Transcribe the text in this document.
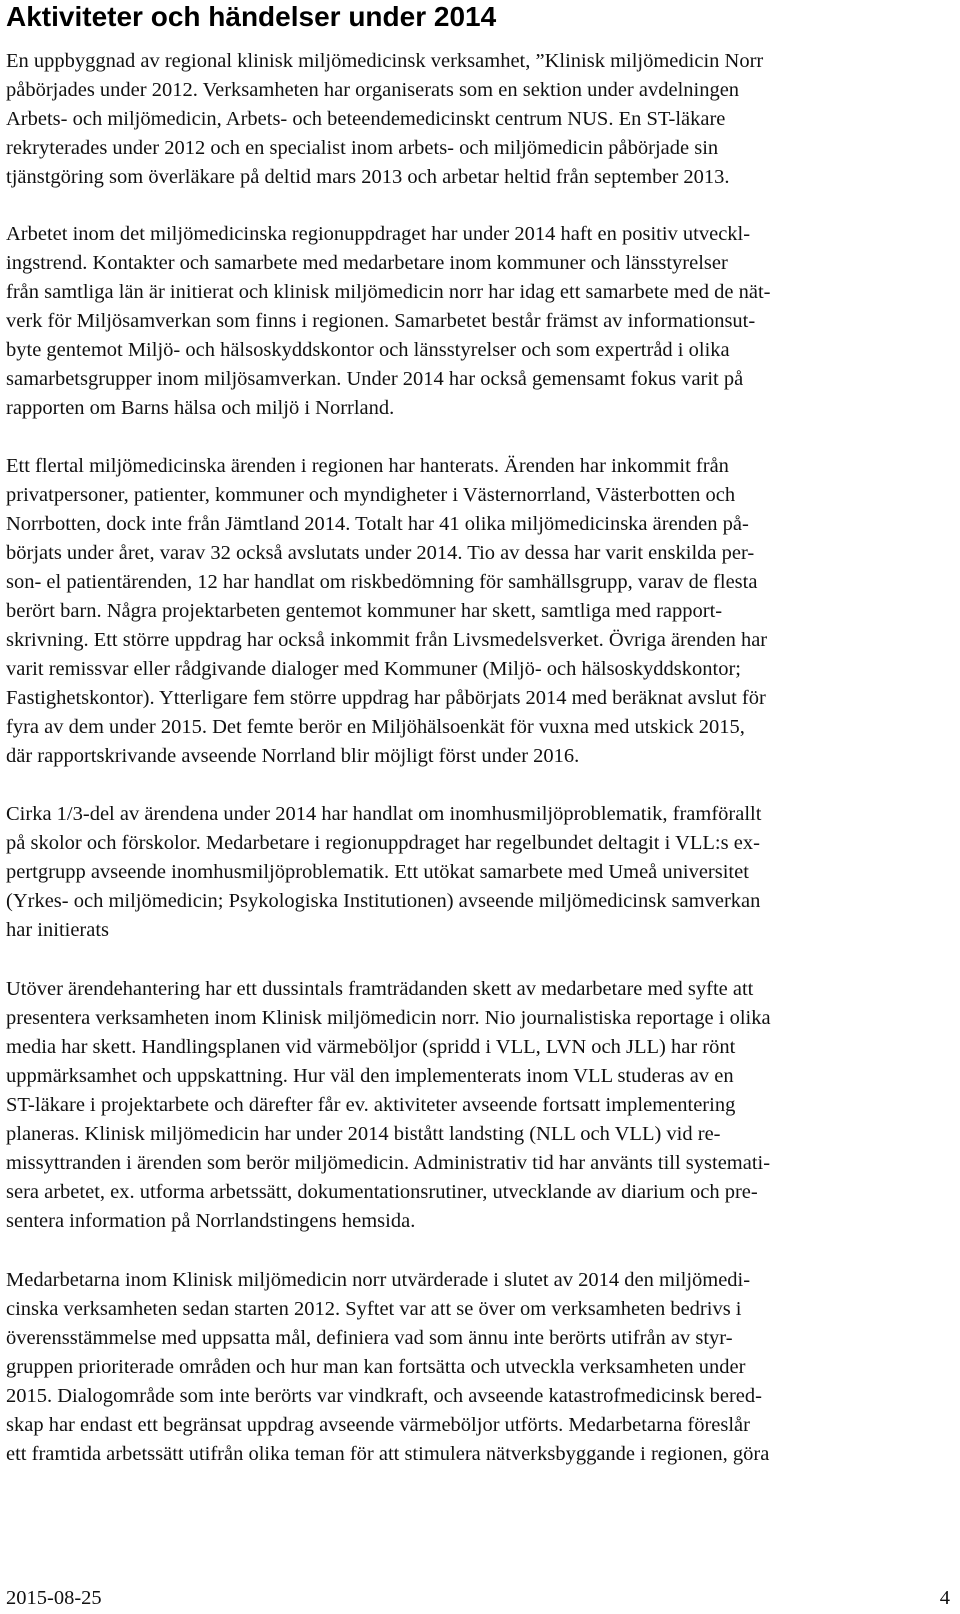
Aktiviteter och händelser under 2014
En uppbyggnad av regional klinisk miljömedicinsk verksamhet, ”Klinisk miljömedicin Norr
påbörjades under 2012. Verksamheten har organiserats som en sektion under avdelningen
Arbets- och miljömedicin, Arbets- och beteendemedicinskt centrum NUS. En ST-läkare
rekryterades under 2012 och en specialist inom arbets- och miljömedicin påbörjade sin
tjänstgöring som överläkare på deltid mars 2013 och arbetar heltid från september 2013.
Arbetet inom det miljömedicinska regionuppdraget har under 2014 haft en positiv utveckl-
ingstrend. Kontakter och samarbete med medarbetare inom kommuner och länsstyrelser
från samtliga län är initierat och klinisk miljömedicin norr har idag ett samarbete med de nät-
verk för Miljösamverkan som finns i regionen. Samarbetet består främst av informationsut-
byte gentemot Miljö- och hälsoskyddskontor och länsstyrelser och som expertråd i olika
samarbetsgrupper inom miljösamverkan. Under 2014 har också gemensamt fokus varit på
rapporten om Barns hälsa och miljö i Norrland.
Ett flertal miljömedicinska ärenden i regionen har hanterats. Ärenden har inkommit från
privatpersoner, patienter, kommuner och myndigheter i Västernorrland, Västerbotten och
Norrbotten, dock inte från Jämtland 2014. Totalt har 41 olika miljömedicinska ärenden på-
börjats under året, varav 32 också avslutats under 2014. Tio av dessa har varit enskilda per-
son- el patientärenden, 12 har handlat om riskbedömning för samhällsgrupp, varav de flesta
berört barn. Några projektarbeten gentemot kommuner har skett, samtliga med rapport-
skrivning. Ett större uppdrag har också inkommit från Livsmedelsverket. Övriga ärenden har
varit remissvar eller rådgivande dialoger med Kommuner (Miljö- och hälsoskyddskontor;
Fastighetskontor). Ytterligare fem större uppdrag har påbörjats 2014 med beräknat avslut för
fyra av dem under 2015. Det femte berör en Miljöhälsoenkät för vuxna med utskick 2015,
där rapportskrivande avseende Norrland blir möjligt först under 2016.
Cirka 1/3-del av ärendena under 2014 har handlat om inomhusmiljöproblematik, framförallt
på skolor och förskolor. Medarbetare i regionuppdraget har regelbundet deltagit i VLL:s ex-
pertgrupp avseende inomhusmiljöproblematik. Ett utökat samarbete med Umeå universitet
(Yrkes- och miljömedicin; Psykologiska Institutionen) avseende miljömedicinsk samverkan
har initierats
Utöver ärendehantering har ett dussintals framträdanden skett av medarbetare med syfte att
presentera verksamheten inom Klinisk miljömedicin norr. Nio journalistiska reportage i olika
media har skett. Handlingsplanen vid värmeböljor (spridd i VLL, LVN och JLL) har rönt
uppmärksamhet och uppskattning. Hur väl den implementerats inom VLL studeras av en
ST-läkare i projektarbete och därefter får ev. aktiviteter avseende fortsatt implementering
planeras. Klinisk miljömedicin har under 2014 bistått landsting (NLL och VLL) vid re-
missyttranden i ärenden som berör miljömedicin. Administrativ tid har använts till systemati-
sera arbetet, ex. utforma arbetssätt, dokumentationsrutiner, utvecklande av diarium och pre-
sentera information på Norrlandstingens hemsida.
Medarbetarna inom Klinisk miljömedicin norr utvärderade i slutet av 2014 den miljömedi-
cinska verksamheten sedan starten 2012. Syftet var att se över om verksamheten bedrivs i
överensstämmelse med uppsatta mål, definiera vad som ännu inte berörts utifrån av styr-
gruppen prioriterade områden och hur man kan fortsätta och utveckla verksamheten under
2015. Dialogområde som inte berörts var vindkraft, och avseende katastrofmedicinsk bered-
skap har endast ett begränsat uppdrag avseende värmeböljor utförts. Medarbetarna föreslår
ett framtida arbetssätt utifrån olika teman för att stimulera nätverksbyggande i regionen, göra
2015-08-25	4
